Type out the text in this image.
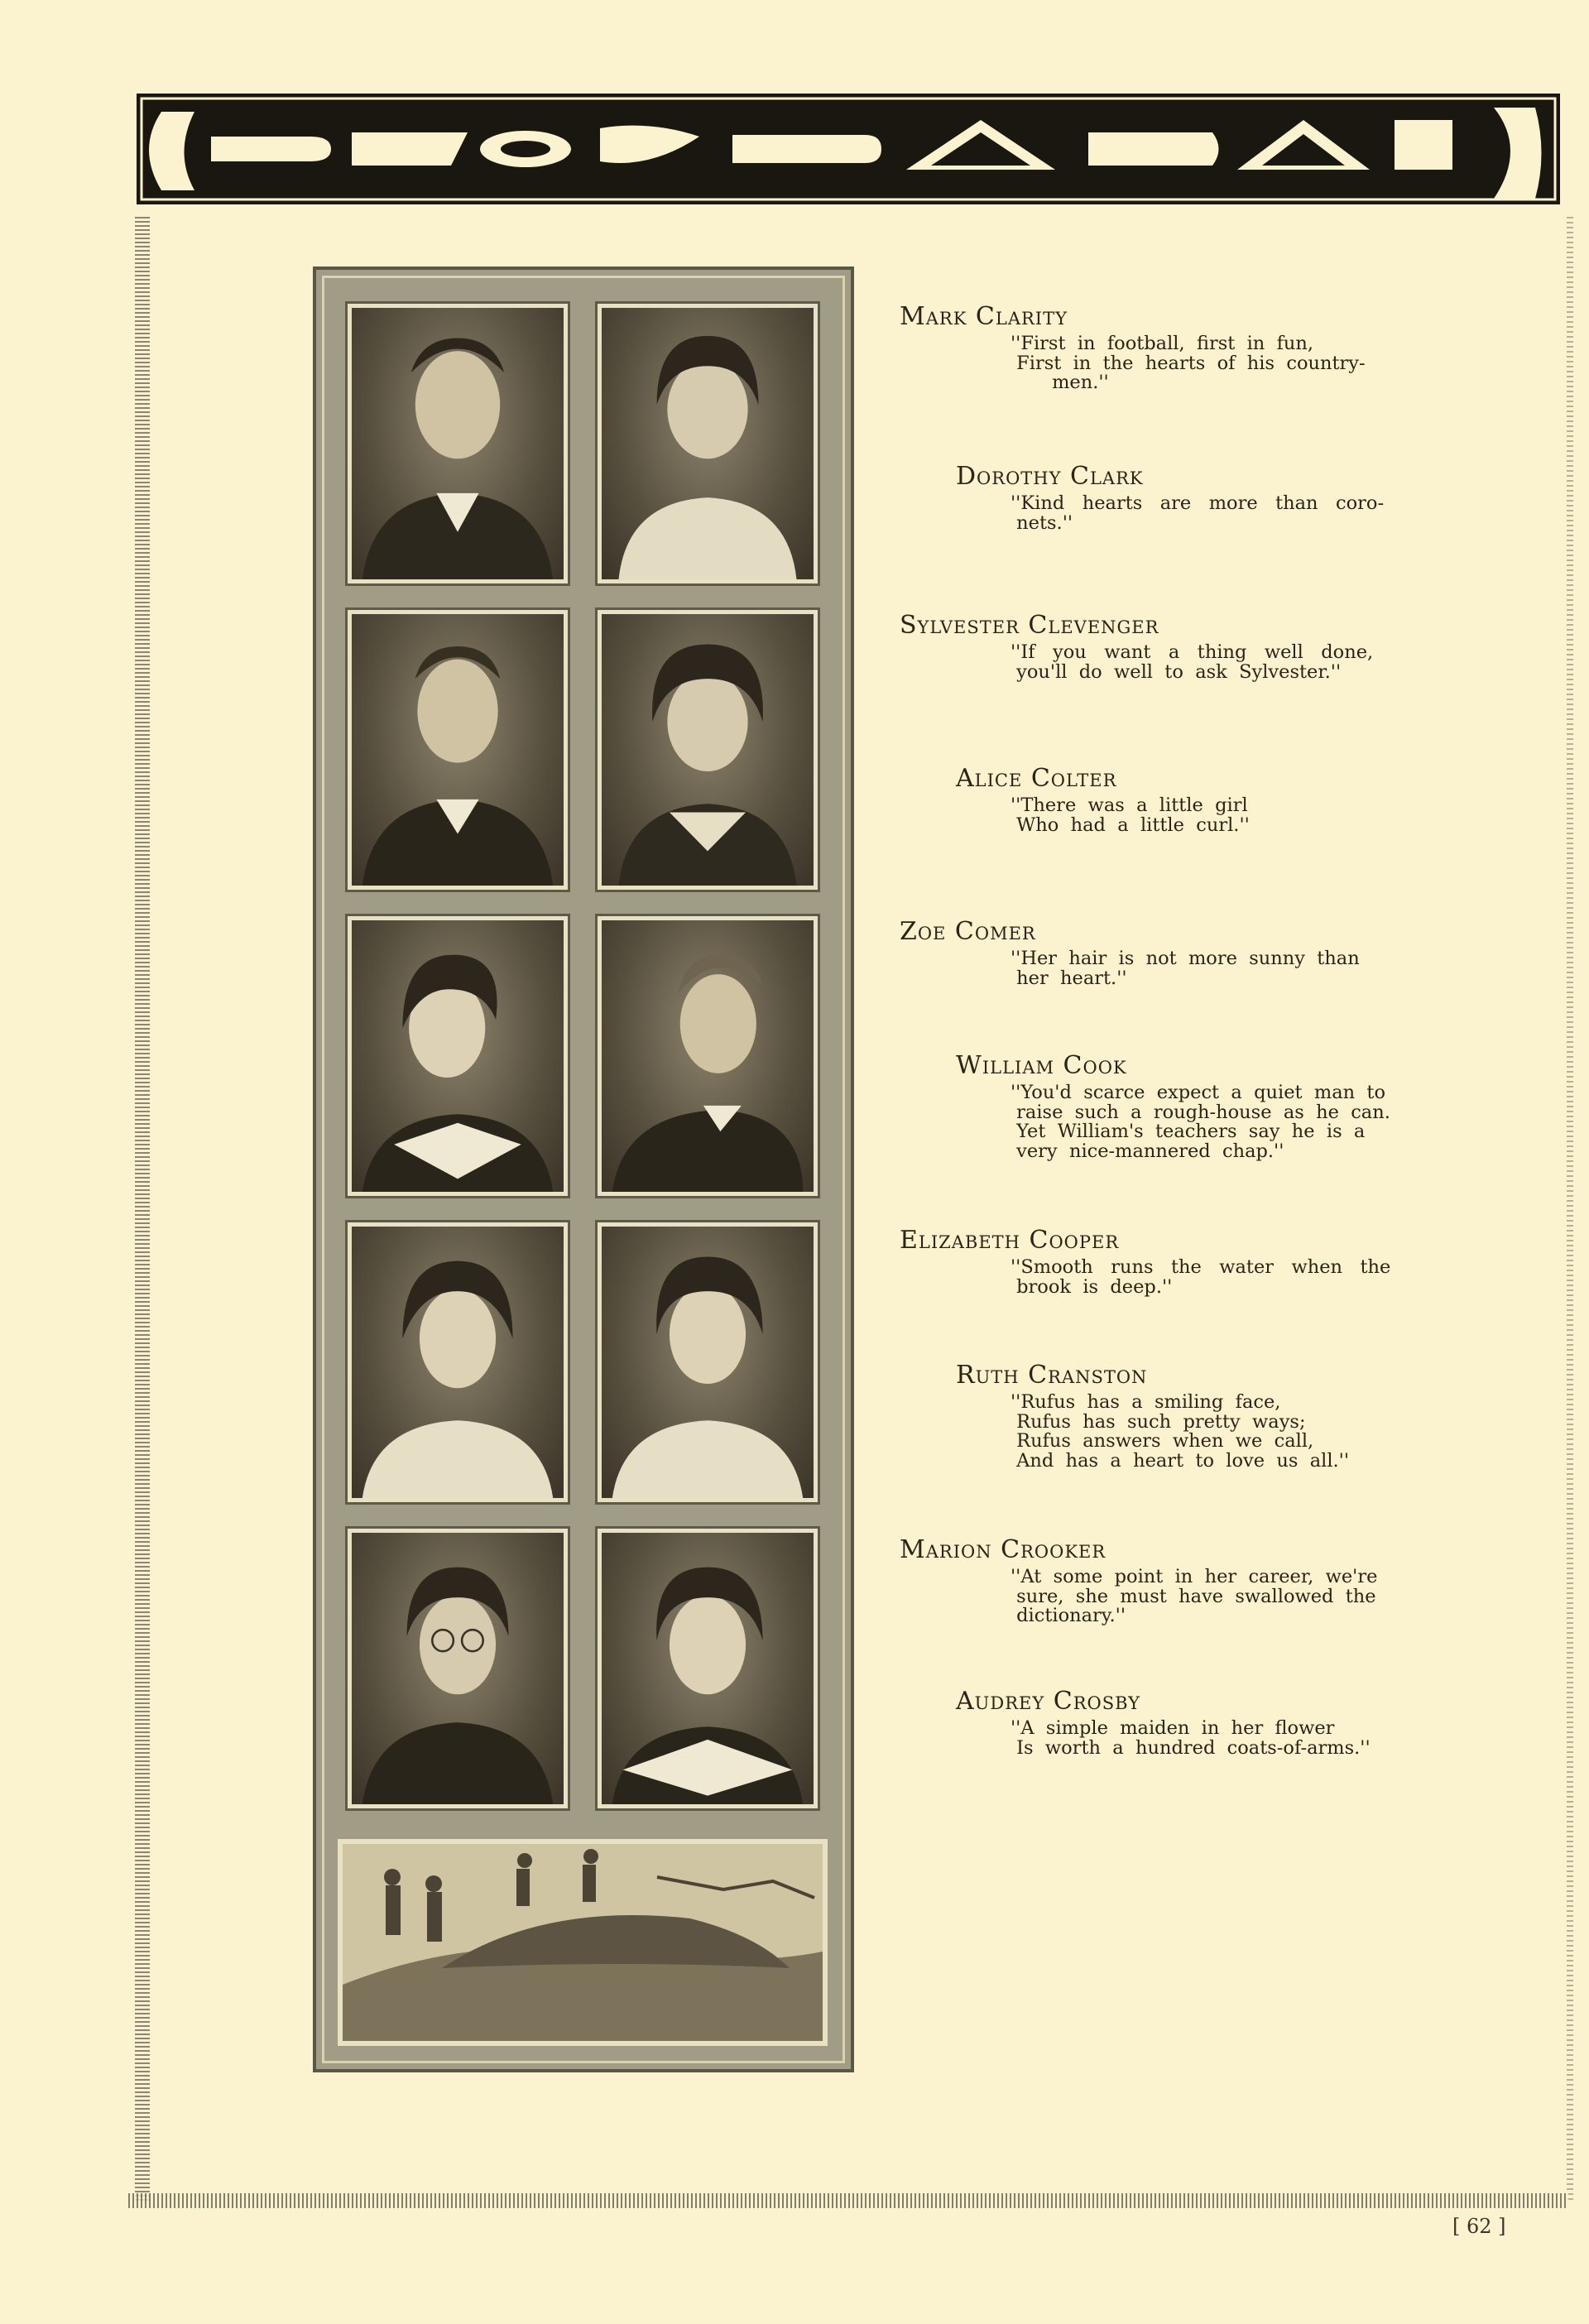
Mark Clarity
''First  in  football,  first  in  fun,
First  in  the  hearts  of  his  country-
men.''
Dorothy Clark
''Kind   hearts   are   more   than   coro-
nets.''
Sylvester Clevenger
''If   you   want   a   thing   well   done,
you'll  do  well  to  ask  Sylvester.''
Alice Colter
''There  was  a  little  girl
Who  had  a  little  curl.''
Zoe Comer
''Her  hair  is  not  more  sunny  than
her  heart.''
William Cook
''You'd  scarce  expect  a  quiet  man  to
raise  such  a  rough-house  as  he  can.
Yet  William's  teachers  say  he  is  a
very  nice-mannered  chap.''
Elizabeth Cooper
''Smooth   runs   the   water   when   the
brook  is  deep.''
Ruth Cranston
''Rufus  has  a  smiling  face,
Rufus  has  such  pretty  ways;
Rufus  answers  when  we  call,
And  has  a  heart  to  love  us  all.''
Marion Crooker
''At  some  point  in  her  career,  we're
sure,  she  must  have  swallowed  the
dictionary.''
Audrey Crosby
''A  simple  maiden  in  her  flower
Is  worth  a  hundred  coats-of-arms.''
[ 62 ]
